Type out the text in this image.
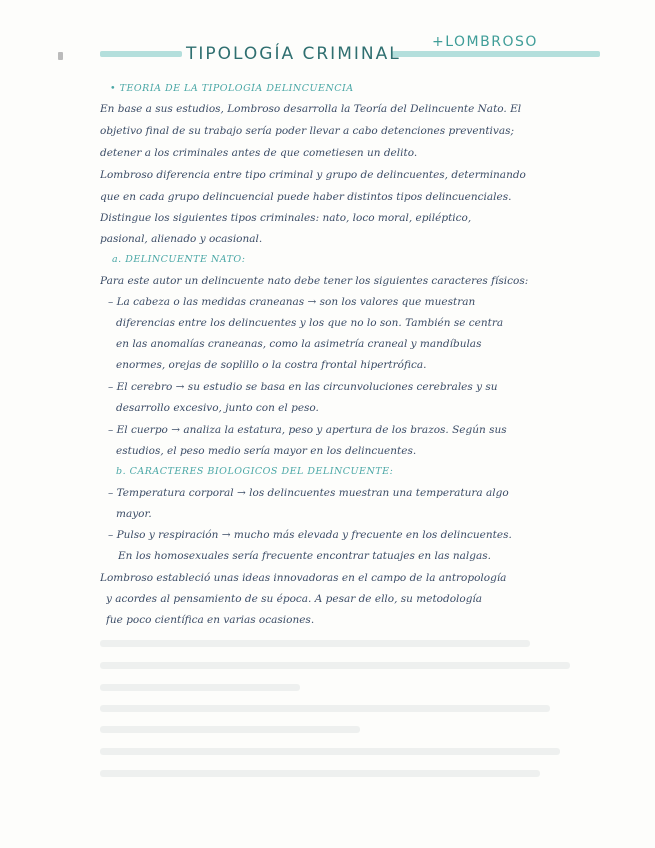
TIPOLOGÍA CRIMINAL
+LOMBROSO
• TEORÍA DE LA TIPOLOGÍA DELINCUENCIA
En base a sus estudios, Lombroso desarrolla la Teoría del Delincuente Nato. El
objetivo final de su trabajo sería poder llevar a cabo detenciones preventivas;
detener a los criminales antes de que cometiesen un delito.
Lombroso diferencia entre tipo criminal y grupo de delincuentes, determinando
que en cada grupo delincuencial puede haber distintos tipos delincuenciales.
Distingue los siguientes tipos criminales: nato, loco moral, epiléptico,
pasional, alienado y ocasional.
a. DELINCUENTE NATO:
Para este autor un delincuente nato debe tener los siguientes caracteres físicos:
– La cabeza o las medidas craneanas → son los valores que muestran
diferencias entre los delincuentes y los que no lo son. También se centra
en las anomalías craneanas, como la asimetría craneal y mandíbulas
enormes, orejas de soplillo o la costra frontal hipertrófica.
– El cerebro → su estudio se basa en las circunvoluciones cerebrales y su
desarrollo excesivo, junto con el peso.
– El cuerpo → analiza la estatura, peso y apertura de los brazos. Según sus
estudios, el peso medio sería mayor en los delincuentes.
b. CARACTERES BIOLÓGICOS DEL DELINCUENTE:
– Temperatura corporal → los delincuentes muestran una temperatura algo
mayor.
– Pulso y respiración → mucho más elevada y frecuente en los delincuentes.
En los homosexuales sería frecuente encontrar tatuajes en las nalgas.
Lombroso estableció unas ideas innovadoras en el campo de la antropología
y acordes al pensamiento de su época. A pesar de ello, su metodología
fue poco científica en varias ocasiones.
